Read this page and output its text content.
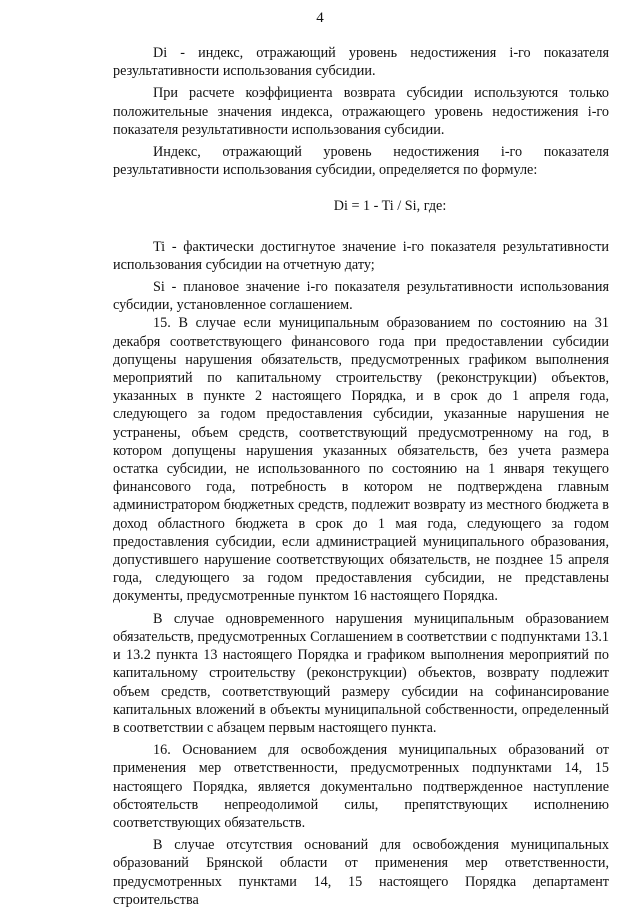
4

Di - индекс, отражающий уровень недостижения i-го показателя результативности использования субсидии.

При расчете коэффициента возврата субсидии используются только положительные значения индекса, отражающего уровень недостижения i-го показателя результативности использования субсидии.

Индекс, отражающий уровень недостижения i-го показателя результативности использования субсидии, определяется по формуле:

Di = 1 - Ti / Si, где:

Ti - фактически достигнутое значение i-го показателя результативности использования субсидии на отчетную дату;

Si - плановое значение i-го показателя результативности использования субсидии, установленное соглашением.

15. В случае если муниципальным образованием по состоянию на 31 декабря соответствующего финансового года при предоставлении субсидии допущены нарушения обязательств, предусмотренных графиком выполнения мероприятий по капитальному строительству (реконструкции) объектов, указанных в пункте 2 настоящего Порядка, и в срок до 1 апреля года, следующего за годом предоставления субсидии, указанные нарушения не устранены, объем средств, соответствующий предусмотренному на год, в котором допущены нарушения указанных обязательств, без учета размера остатка субсидии, не использованного по состоянию на 1 января текущего финансового года, потребность в котором не подтверждена главным администратором бюджетных средств, подлежит возврату из местного бюджета в доход областного бюджета в срок до 1 мая года, следующего за годом предоставления субсидии, если администрацией муниципального образования, допустившего нарушение соответствующих обязательств, не позднее 15 апреля года, следующего за годом предоставления субсидии, не представлены документы, предусмотренные пунктом 16 настоящего Порядка.

В случае одновременного нарушения муниципальным образованием обязательств, предусмотренных Соглашением в соответствии с подпунктами 13.1 и 13.2 пункта 13 настоящего Порядка и графиком выполнения мероприятий по капитальному строительству (реконструкции) объектов, возврату подлежит объем средств, соответствующий размеру субсидии на софинансирование капитальных вложений в объекты муниципальной собственности, определенный в соответствии с абзацем первым настоящего пункта.

16. Основанием для освобождения муниципальных образований от применения мер ответственности, предусмотренных подпунктами 14, 15 настоящего Порядка, является документально подтвержденное наступление обстоятельств непреодолимой силы, препятствующих исполнению соответствующих обязательств.

В случае отсутствия оснований для освобождения муниципальных образований Брянской области от применения мер ответственности, предусмотренных пунктами 14, 15 настоящего Порядка департамент строительства
